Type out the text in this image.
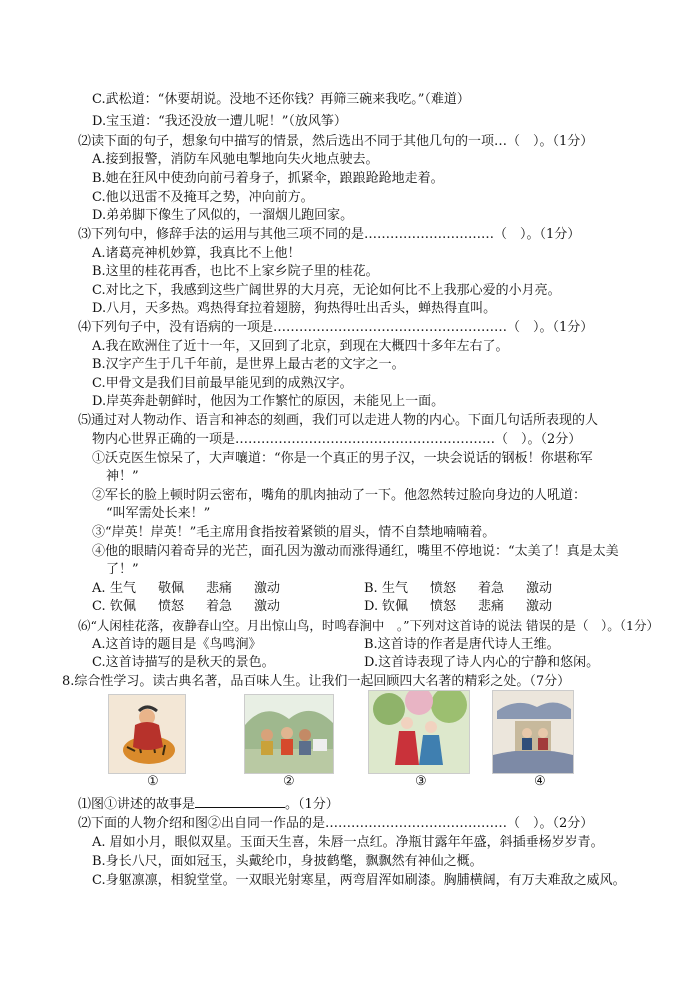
C.武松道：“休要胡说。没地不还你钱？再筛三碗来我吃。”（难道）
D.宝玉道：“我还没放一遭儿呢！”（放风筝）
⑵读下面的句子，想象句中描写的情景，然后选出不同于其他几句的一项…（　）。（1分）
A.接到报警，消防车风驰电掣地向失火地点驶去。
B.她在狂风中使劲向前弓着身子，抓紧伞，踉踉跄跄地走着。
C.他以迅雷不及掩耳之势，冲向前方。
D.弟弟脚下像生了风似的，一溜烟儿跑回家。
⑶下列句中，修辞手法的运用与其他三项不同的是…………………………（　）。（1分）
A.诸葛亮神机妙算，我真比不上他！
B.这里的桂花再香，也比不上家乡院子里的桂花。
C.对比之下，我感到这些广阔世界的大月亮，无论如何比不上我那心爱的小月亮。
D.八月，天多热。鸡热得耷拉着翅膀，狗热得吐出舌头，蝉热得直叫。
⑷下列句子中，没有语病的一项是………………………………………………（　）。（1分）
A.我在欧洲住了近十一年，又回到了北京，到现在大概四十多年左右了。
B.汉字产生于几千年前，是世界上最古老的文字之一。
C.甲骨文是我们目前最早能见到的成熟汉字。
D.岸英奔赴朝鲜时，他因为工作繁忙的原因，未能见上一面。
⑸通过对人物动作、语言和神态的刻画，我们可以走进人物的内心。下面几句话所表现的人
物内心世界正确的一项是……………………………………………………（　）。（2分）
①沃克医生惊呆了，大声嚷道：“你是一个真正的男子汉，一块会说话的钢板！你堪称军
神！”
②军长的脸上顿时阴云密布，嘴角的肌肉抽动了一下。他忽然转过脸向身边的人吼道：
“叫军需处长来！”
③“岸英！岸英！”毛主席用食指按着紧锁的眉头，情不自禁地喃喃着。
④他的眼睛闪着奇异的光芒，面孔因为激动而涨得通红，嘴里不停地说：“太美了！真是太美
了！”
A. 生气 敬佩 悲痛 激动	B. 生气 愤怒 着急 激动
C. 钦佩 愤怒 着急 激动	D. 钦佩 愤怒 悲痛 激动
⑹“人闲桂花落，夜静春山空。月出惊山鸟，时鸣春涧中　。”下列对这首诗的说法 错误的是（　）。（1分）
A.这首诗的题目是《鸟鸣涧》	B.这首诗的作者是唐代诗人王维。
C.这首诗描写的是秋天的景色。	D.这首诗表现了诗人内心的宁静和悠闲。
8.综合性学习。读古典名著，品百味人生。让我们一起回顾四大名著的精彩之处。（7分）
①	②	③	④
⑴图①讲述的故事是	。（1分）
⑵下面的人物介绍和图②出自同一作品的是……………………………………（　）。（2分）
A. 眉如小月，眼似双星。玉面天生喜，朱唇一点红。净瓶甘露年年盛，斜插垂杨岁岁青。
B.身长八尺，面如冠玉，头戴纶巾，身披鹤氅，飘飘然有神仙之概。
C.身躯凛凛，相貌堂堂。一双眼光射寒星，两弯眉浑如刷漆。胸脯横阔，有万夫难敌之威风。
